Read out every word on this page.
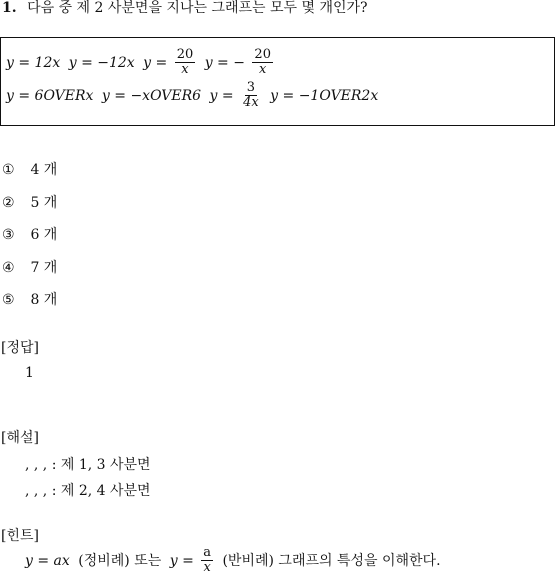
1. 다음 중 제 2 사분면을 지나는 그래프는 모두 몇 개인가?
y = 12x y = −12x $y = \frac{20}{x}$ y = − $\frac{20}{x}$
y = 6OVERx y = −xOVER6 $y = \frac{3}{4x}$ y = −1OVER2x
① 4 개
② 5 개
③ 6 개
④ 7 개
⑤ 8 개
[정답]
1
[해설]
, , , : 제 1, 3 사분면
, , , : 제 2, 4 사분면
[힌트]
y = ax (정비례) 또는 $y = \frac{a}{x}$ (반비례) 그래프의 특성을 이해한다.
